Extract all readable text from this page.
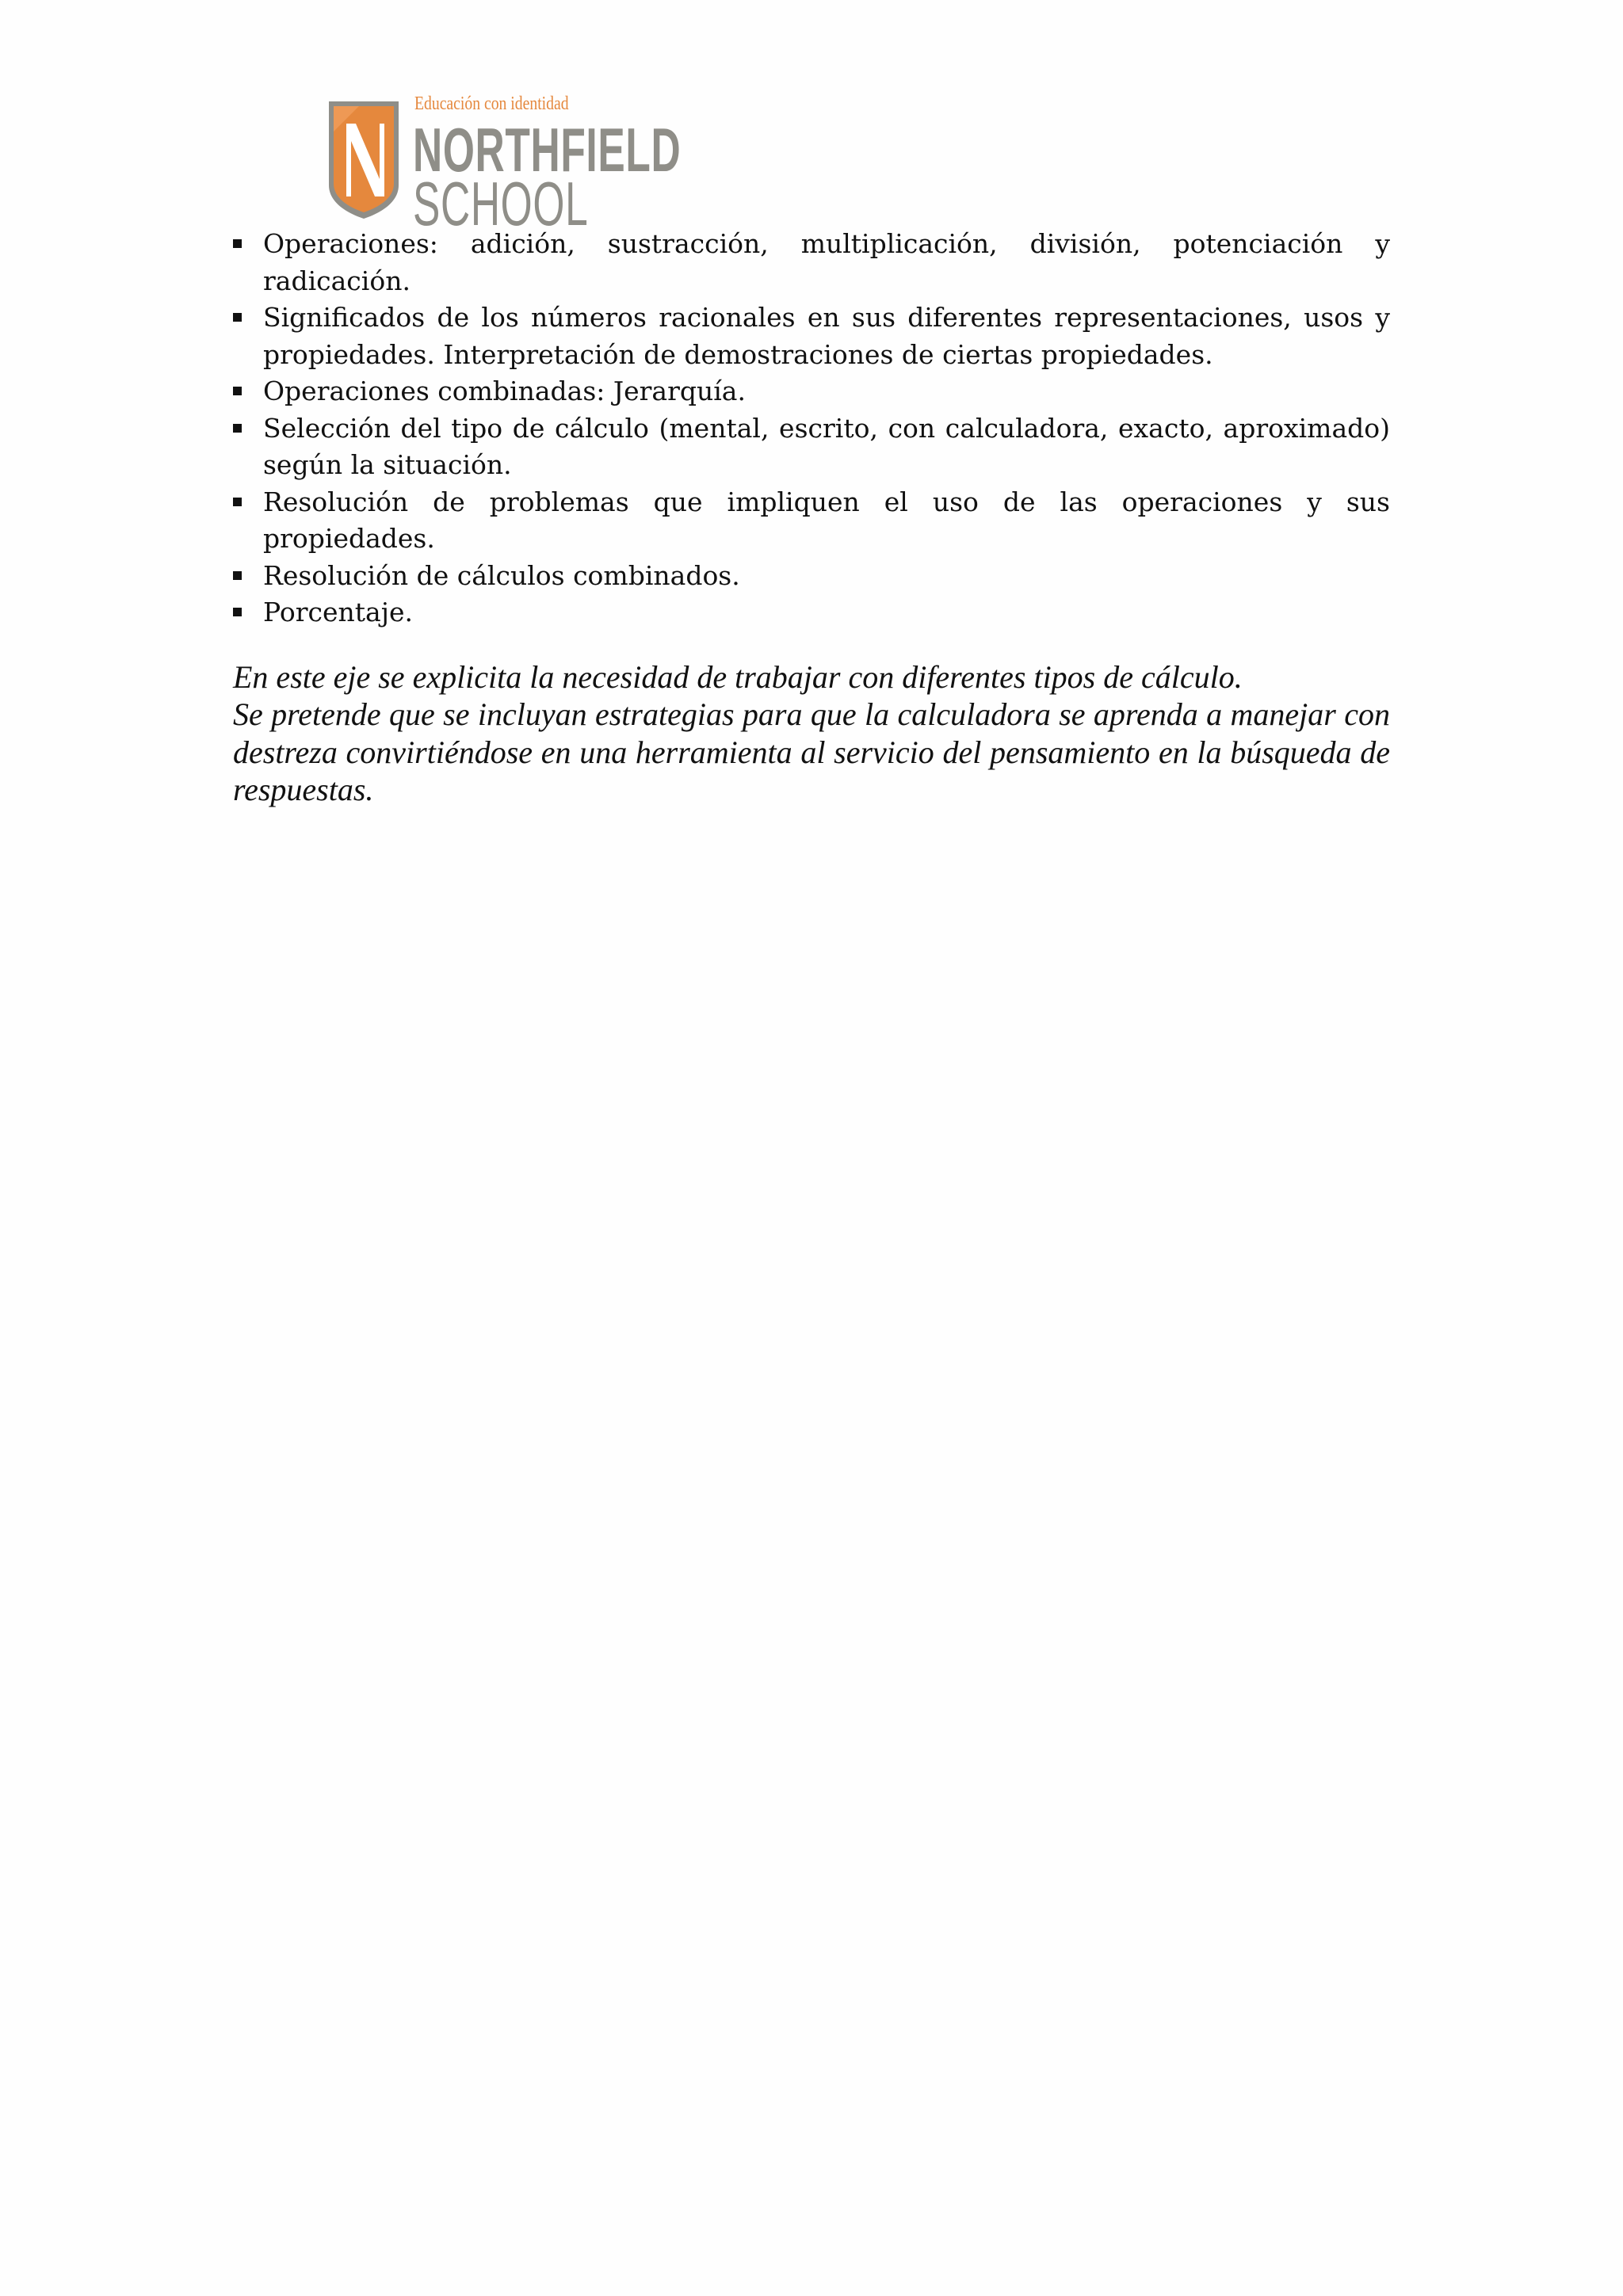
Educación con identidad
NORTHFIELD
SCHOOL
Operaciones: adición, sustracción, multiplicación, división, potenciación y radicación.
Significados de los números racionales en sus diferentes representaciones, usos y propiedades. Interpretación de demostraciones de ciertas propiedades.
Operaciones combinadas: Jerarquía.
Selección del tipo de cálculo (mental, escrito, con calculadora, exacto, aproximado) según la situación.
Resolución de problemas que impliquen el uso de las operaciones y sus propiedades.
Resolución de cálculos combinados.
Porcentaje.

En este eje se explicita la necesidad de trabajar con diferentes tipos de cálculo.

Se pretende que se incluyan estrategias para que la calculadora se aprenda a manejar con destreza convirtiéndose en una herramienta al servicio del pensamiento en la búsqueda de respuestas.
